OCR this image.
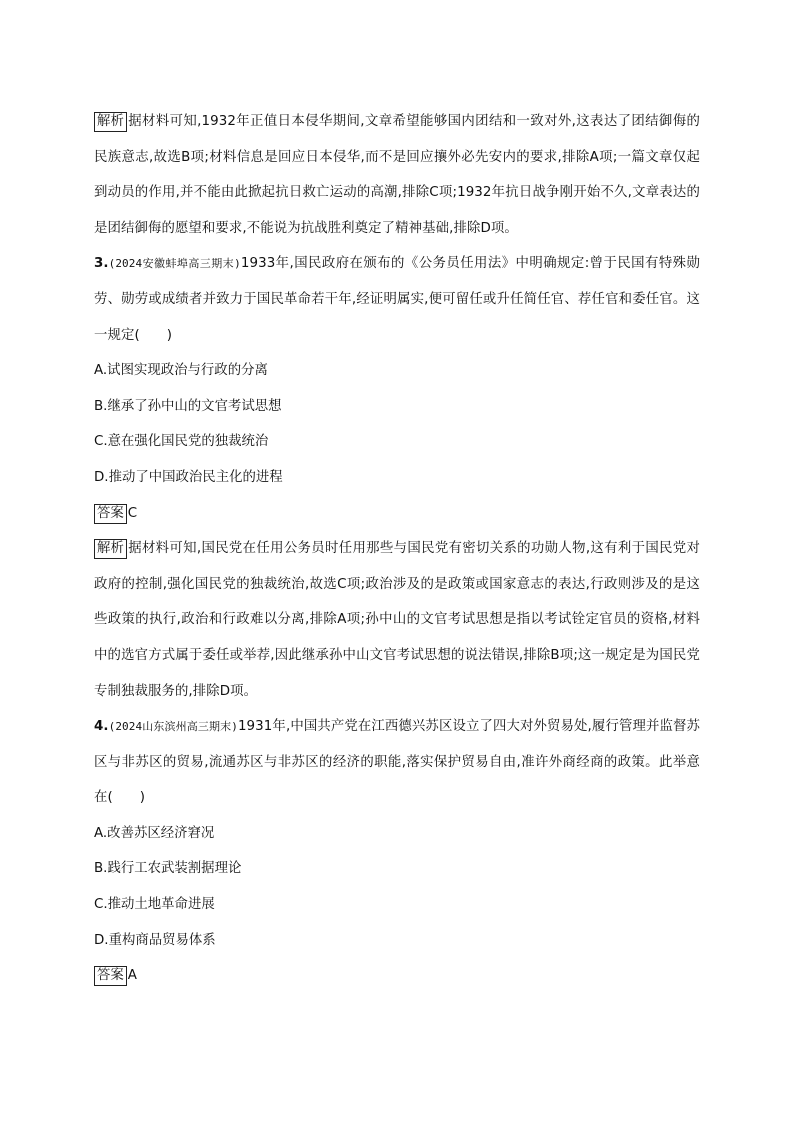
解析 据材料可知,1932年正值日本侵华期间,文章希望能够国内团结和一致对外,这表达了团结御侮的民族意志,故选B项;材料信息是回应日本侵华,而不是回应攘外必先安内的要求,排除A项;一篇文章仅起到动员的作用,并不能由此掀起抗日救亡运动的高潮,排除C项;1932年抗日战争刚开始不久,文章表达的是团结御侮的愿望和要求,不能说为抗战胜利奠定了精神基础,排除D项。

3.(2024安徽蚌埠高三期末)1933年,国民政府在颁布的《公务员任用法》中明确规定:曾于民国有特殊勋劳、勋劳或成绩者并致力于国民革命若干年,经证明属实,便可留任或升任简任官、荐任官和委任官。这一规定(　　)

A.试图实现政治与行政的分离

B.继承了孙中山的文官考试思想

C.意在强化国民党的独裁统治

D.推动了中国政治民主化的进程

答案 C

解析 据材料可知,国民党在任用公务员时任用那些与国民党有密切关系的功勋人物,这有利于国民党对政府的控制,强化国民党的独裁统治,故选C项;政治涉及的是政策或国家意志的表达,行政则涉及的是这些政策的执行,政治和行政难以分离,排除A项;孙中山的文官考试思想是指以考试铨定官员的资格,材料中的选官方式属于委任或举荐,因此继承孙中山文官考试思想的说法错误,排除B项;这一规定是为国民党专制独裁服务的,排除D项。

4.(2024山东滨州高三期末)1931年,中国共产党在江西德兴苏区设立了四大对外贸易处,履行管理并监督苏区与非苏区的贸易,流通苏区与非苏区的经济的职能,落实保护贸易自由,准许外商经商的政策。此举意在(　　)

A.改善苏区经济窘况

B.践行工农武装割据理论

C.推动土地革命进展

D.重构商品贸易体系

答案 A
